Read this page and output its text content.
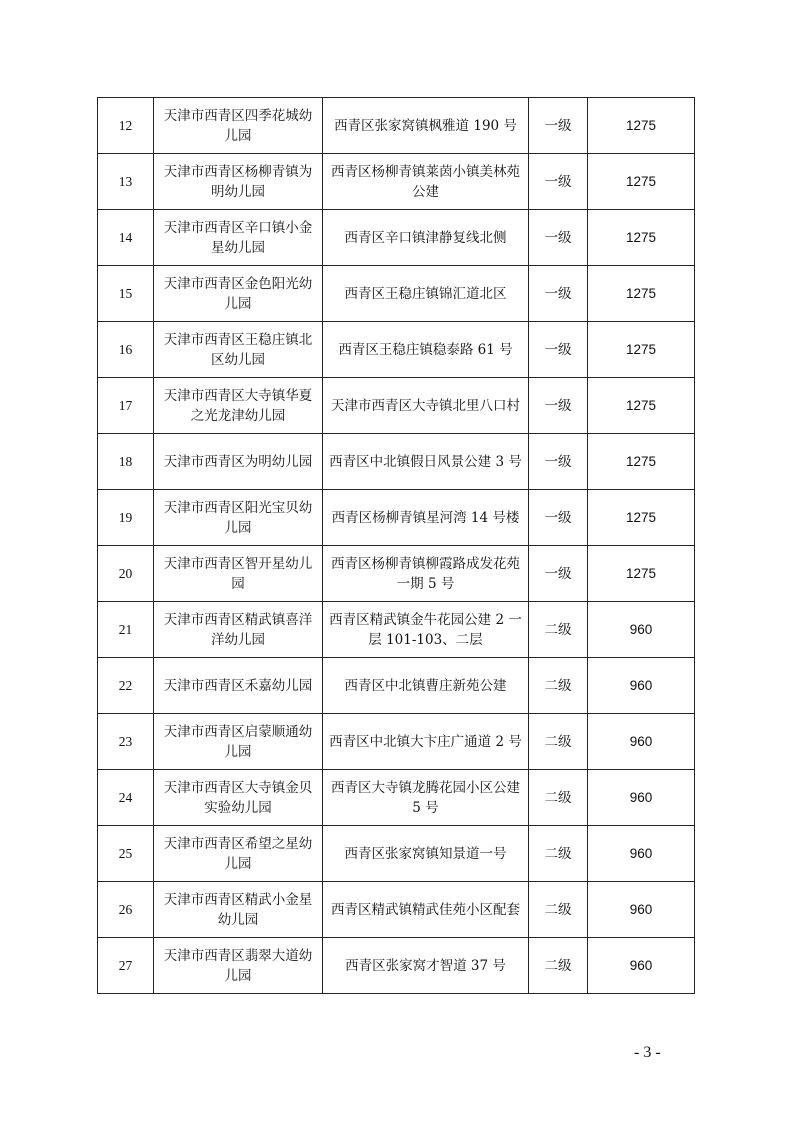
12	天津市西青区四季花城幼儿园	西青区张家窝镇枫雅道 190 号	一级	1275
13	天津市西青区杨柳青镇为明幼儿园	西青区杨柳青镇莱茵小镇美林苑公建	一级	1275
14	天津市西青区辛口镇小金星幼儿园	西青区辛口镇津静复线北侧	一级	1275
15	天津市西青区金色阳光幼儿园	西青区王稳庄镇锦汇道北区	一级	1275
16	天津市西青区王稳庄镇北区幼儿园	西青区王稳庄镇稳泰路 61 号	一级	1275
17	天津市西青区大寺镇华夏之光龙津幼儿园	天津市西青区大寺镇北里八口村	一级	1275
18	天津市西青区为明幼儿园	西青区中北镇假日风景公建 3 号	一级	1275
19	天津市西青区阳光宝贝幼儿园	西青区杨柳青镇星河湾 14 号楼	一级	1275
20	天津市西青区智开星幼儿园	西青区杨柳青镇柳霞路成发花苑一期 5 号	一级	1275
21	天津市西青区精武镇喜洋洋幼儿园	西青区精武镇金牛花园公建 2 一层 101-103、二层	二级	960
22	天津市西青区禾嘉幼儿园	西青区中北镇曹庄新苑公建	二级	960
23	天津市西青区启蒙顺通幼儿园	西青区中北镇大卞庄广通道 2 号	二级	960
24	天津市西青区大寺镇金贝实验幼儿园	西青区大寺镇龙腾花园小区公建 5 号	二级	960
25	天津市西青区希望之星幼儿园	西青区张家窝镇知景道一号	二级	960
26	天津市西青区精武小金星幼儿园	西青区精武镇精武佳苑小区配套	二级	960
27	天津市西青区翡翠大道幼儿园	西青区张家窝才智道 37 号	二级	960
- 3 -
